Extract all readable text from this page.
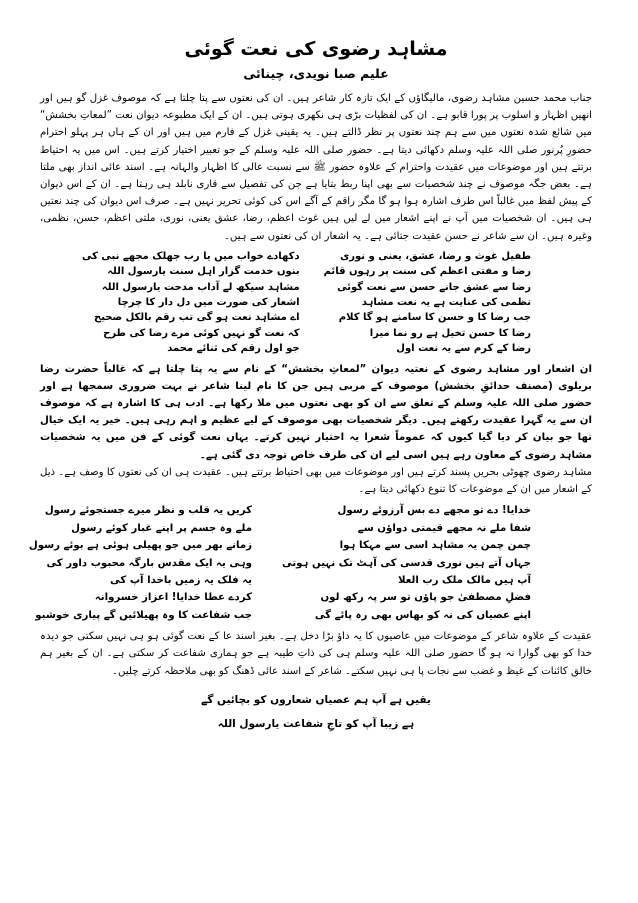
مشاہد رضوی کی نعت گوئی
علیم صبا نویدی، چینائی

جناب محمد حسین مشاہد رضوی، مالیگاؤں کے ایک تازہ کار شاعر ہیں۔ ان کی نعتوں سے پتا چلتا ہے کہ موصوف غزل گو ہیں اور انھیں اظہار و اسلوب پر پورا قابو ہے۔ ان کی لفظیات بڑی ہی نکھری ہوتی ہیں۔ ان کے ایک مطبوعہ دیوان نعت ”لمعاتِ بخشش“ میں شائع شدہ نعتوں میں سے ہم چند نعتوں پر نظر ڈالتے ہیں۔ یہ یقینی غزل کے فارم میں ہیں اور ان کے ہاں ہر پہلو احترام حضورِ پُرنور صلی اللہ علیہ وسلم دکھائی دیتا ہے۔ حضور صلی اللہ علیہ وسلم کے جو تعبیر اختیار کرتے ہیں۔ اس میں یہ احتیاط برتتے ہیں اور موضوعات میں عقیدت واحترام کے علاوہ حضور ﷺ سے نسبت عالی کا اظہار والہانہ ہے۔ اسند عائی انداز بھی ملتا ہے۔ بعض جگہ موصوف نے چند شخصیات سے بھی اپنا ربط بتایا ہے جن کی تفصیل سے قاری نابلد ہی رہتا ہے۔ ان کے اس دیوان کے پیش لفظ میں غالباً اس طرف اشارہ ہوا ہو گا مگر راقم کے آگے اس کی کوئی تحریر نہیں ہے۔ صرف اس دیوان کی چند نعتیں ہی ہیں۔ ان شخصیات میں آپ نے اپنے اشعار میں لے لیں ہیں غوث اعظم، رضا، عشق یعنی، نوری، ملتی اعظم، حسن، نظمی، وغیرہ ہیں۔ ان سے شاعر نے حسن عقیدت جتائی ہے۔ یہ اشعار ان کی نعتوں سے ہیں۔

طفیل غوث و رضا، عشق، یعنی و نوری
دکھادے خواب میں یا رب جھلک مجھے نبی کی
رضا و مفتی اعظم کی سنت پر رہوں قائم
بنوں خدمت گزار اہل سنت یارسول اللہ
رضا سے عشق جانے حسن سے نعت گوئی
مشاہد سیکھ لے آداب مدحت یارسول اللہ
نظمی کی عنایت ہے یہ نعت مشاہد
اشعار کی صورت میں دل دار کا چرچا
جب رضا کا و حسن کا سامنے ہو گا کلام
اے مشاہد نعت ہو گی تب رقم بالکل صحیح
رضا کا حسن تخیل ہے رو نما میرا
کہ نعت گو نہیں کوئی مرے رضا کی طرح
رضا کے کرم سے یہ نعت اول
جو اول رقم کی ثنائے محمد

ان اشعار اور مشاہد رضوی کے نعتیہ دیوان ”لمعاتِ بخشش“ کے نام سے یہ پتا چلتا ہے کہ غالباً حضرت رضا بریلوی (مصنف حدائقِ بخشش) موصوف کے مربی ہیں جن کا نام لینا شاعر نے بہت ضروری سمجھا ہے اور حضور صلی اللہ علیہ وسلم کے تعلق سے ان کو بھی نعتوں میں ملا رکھا ہے۔ ادب ہی کا اشارہ ہے کہ موصوف ان سے یہ گہرا عقیدت رکھتے ہیں۔ دیگر شخصیات بھی موصوف کے لیے عظیم و اہم رہی ہیں۔ خیر یہ ایک خیال تھا جو بیان کر دیا گیا کیوں کہ عموماً شعرا یہ احتیار نہیں کرتے۔ یہاں نعت گوئی کے فن میں یہ شخصیات مشاہد رضوی کے معاون رہے ہیں اسی لیے ان کی طرف خاص توجہ دی گئی ہے۔

مشاہد رضوی چھوٹی بحریں پسند کرتے ہیں اور موضوعات میں بھی احتیاط برتتے ہیں۔ عقیدت ہی ان کی نعتوں کا وصف ہے۔ ذیل کے اشعار میں ان کے موضوعات کا تنوع دکھائی دیتا ہے۔

خدایا! دے تو مجھے دے بس آرزوئے رسول
کریں یہ قلب و نظر میرے جستجوئے رسول
شفا ملے نہ مجھے قیمتی دواؤں سے
ملے وہ جسم پر اپنے غبار کوئے رسول
چمن چمن یہ مشاہد اسی سے مہکا ہوا
زمانے بھر میں جو پھیلی ہوئی ہے بوئے رسول
جہاں آتے ہیں نوری قدسی کی آہٹ تک نہیں ہوتی
وہی یہ ایک مقدس بارگہ محبوب داور کی
آپ ہیں مالک ملک رب العلا
یہ فلک یہ زمیں باخدا آپ کی
فضلِ مصطفیٰ جو پاؤں تو سر پہ رکھ لوں
کردے عطا خدایا! اعزاز خسروانہ
اپنے عصیاں کی نہ کو بھاس بھی رہ پائے گی
جب شفاعت کا وہ پھیلائیں گے پیاری خوشبو

عقیدت کے علاوہ شاعر کے موضوعات میں عاصیوں کا یہ داؤ بڑا دخل ہے۔ بغیر اسند عا کے نعت گوئی ہو ہی نہیں سکتی جو دیدہ خدا کو بھی گوارا نہ ہو گا حضور صلی اللہ علیہ وسلم ہی کی ذاتِ طیبہ ہے جو ہماری شفاعت کر سکتی ہے۔ ان کے بغیر ہم خالق کائنات کے غیظ و غضب سے نجات پا ہی نہیں سکتے۔ شاعر کے اسند عائی ڈھنگ کو بھی ملاحظہ کرتے چلیں۔

یقیں ہے آپ ہم عصیاں شعاروں کو بچائیں گے
ہے زیبا آپ کو تاجِ شفاعت یارسول اللہ
